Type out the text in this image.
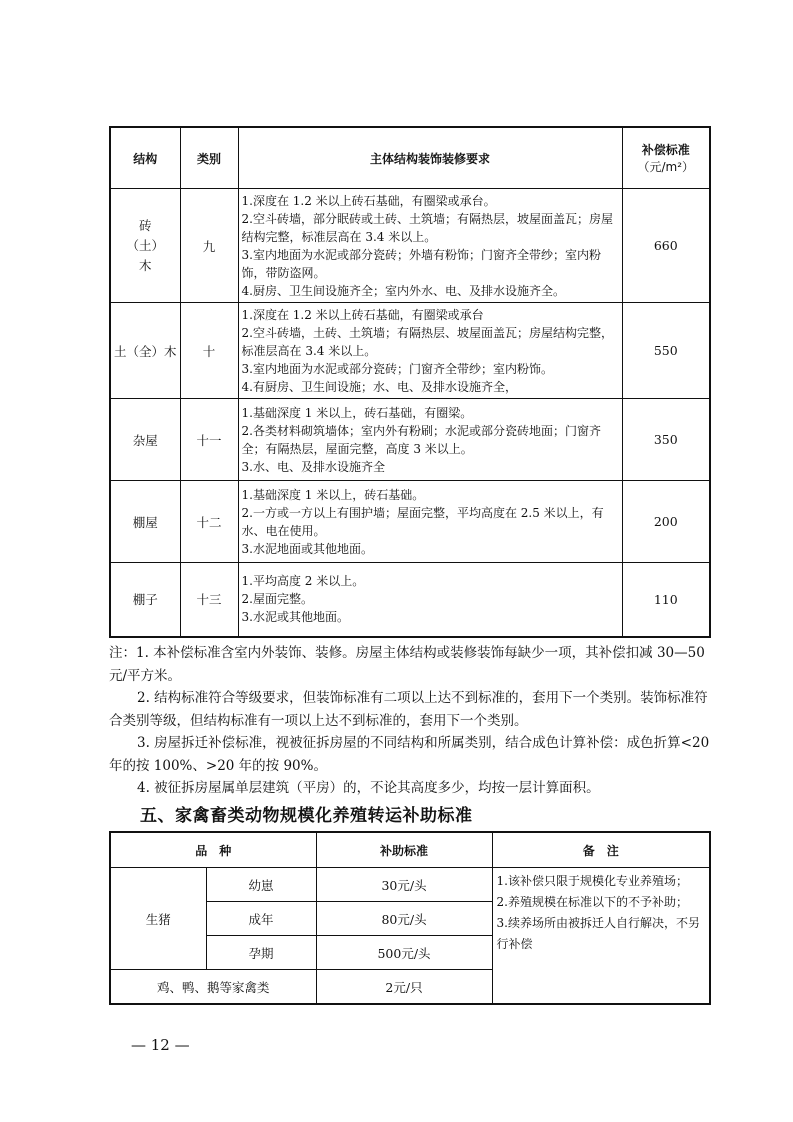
结构	类别	主体结构装饰装修要求	补偿标准
（元/m²）

砖（土）木	九	1.深度在 1.2 米以上砖石基础，有圈梁或承台。
2.空斗砖墙，部分眠砖或土砖、土筑墙；有隔热层，坡屋面盖瓦；房屋结构完整，标准层高在 3.4 米以上。
3.室内地面为水泥或部分瓷砖；外墙有粉饰；门窗齐全带纱；室内粉饰，带防盗网。
4.厨房、卫生间设施齐全；室内外水、电、及排水设施齐全。	660
土（全）木	十	1.深度在 1.2 米以上砖石基础，有圈梁或承台
2.空斗砖墙，土砖、土筑墙；有隔热层、坡屋面盖瓦；房屋结构完整，标准层高在 3.4 米以上。
3.室内地面为水泥或部分瓷砖；门窗齐全带纱；室内粉饰。
4.有厨房、卫生间设施；水、电、及排水设施齐全，	550
杂屋	十一	1.基础深度 1 米以上，砖石基础，有圈梁。
2.各类材料砌筑墙体；室内外有粉刷；水泥或部分瓷砖地面；门窗齐全；有隔热层，屋面完整，高度 3 米以上。
3.水、电、及排水设施齐全	350
棚屋	十二	1.基础深度 1 米以上，砖石基础。
2.一方或一方以上有围护墙；屋面完整，平均高度在 2.5 米以上，有水、电在使用。
3.水泥地面或其他地面。	200
棚子	十三	1.平均高度 2 米以上。
2.屋面完整。
3.水泥或其他地面。	110

注：1. 本补偿标准含室内外装饰、装修。房屋主体结构或装修装饰每缺少一项，其补偿扣减 30—50 元/平方米。

2. 结构标准符合等级要求，但装饰标准有二项以上达不到标准的，套用下一个类别。装饰标准符合类别等级，但结构标准有一项以上达不到标准的，套用下一个类别。

3. 房屋拆迁补偿标准，视被征拆房屋的不同结构和所属类别，结合成色计算补偿：成色折算<20 年的按 100%、>20 年的按 90%。

4. 被征拆房屋属单层建筑（平房）的，不论其高度多少，均按一层计算面积。

五、家禽畜类动物规模化养殖转运补助标准
品　种		补助标准	备　注
生猪	幼崽	30元/头	1.该补偿只限于规模化专业养殖场；
2.养殖规模在标准以下的不予补助；
3.续养场所由被拆迁人自行解决，不另行补偿

	成年	80元/头	
	孕期	500元/头	
鸡、鸭、鹅等家禽类		2元/只	
— 12 —
